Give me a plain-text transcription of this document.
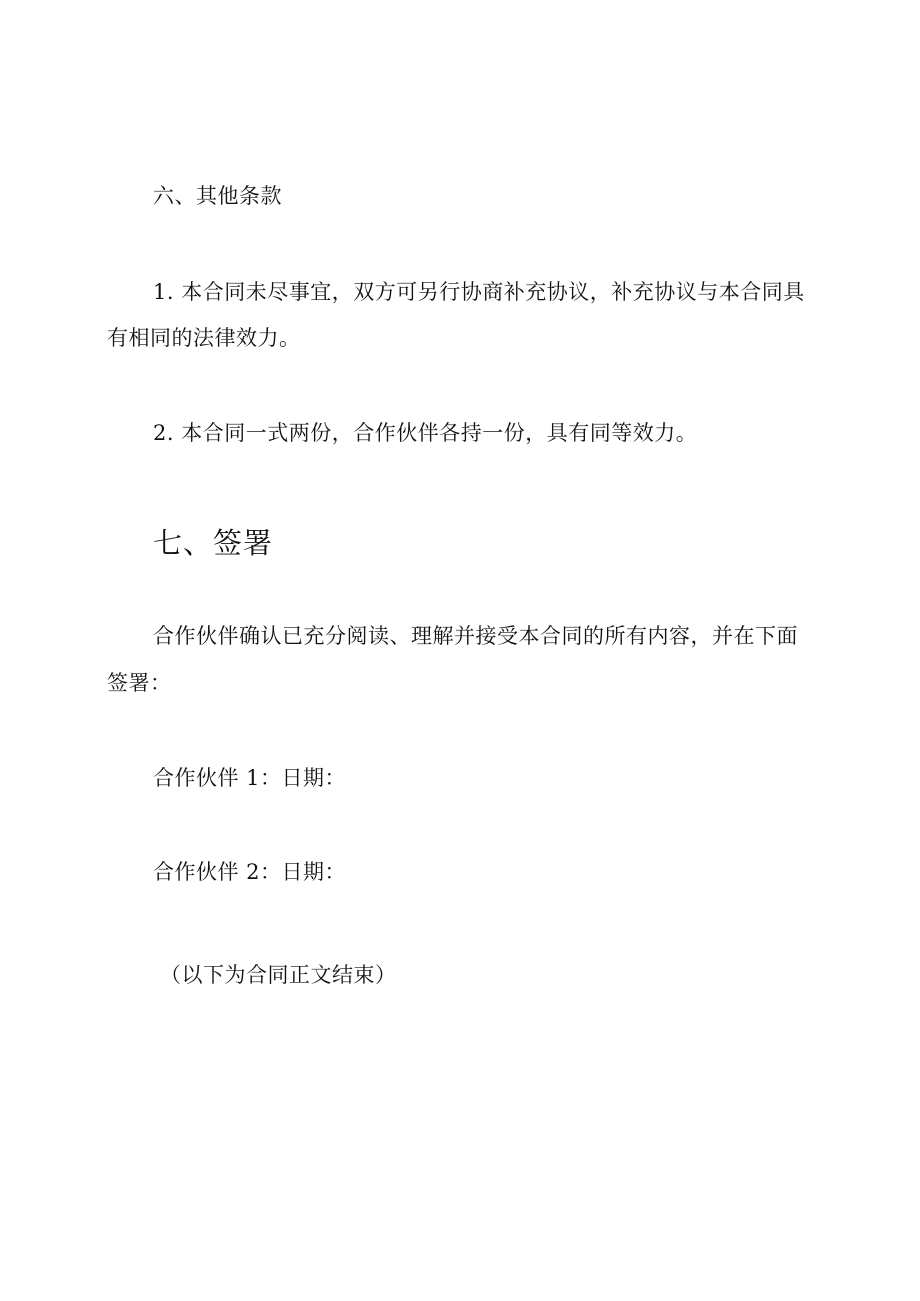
六、其他条款

1. 本合同未尽事宜，双方可另行协商补充协议，补充协议与本合同具

有相同的法律效力。

2. 本合同一式两份，合作伙伴各持一份，具有同等效力。

七、签署

合作伙伴确认已充分阅读、理解并接受本合同的所有内容，并在下面

签署：

合作伙伴 1：日期：

合作伙伴 2：日期：

（以下为合同正文结束）
